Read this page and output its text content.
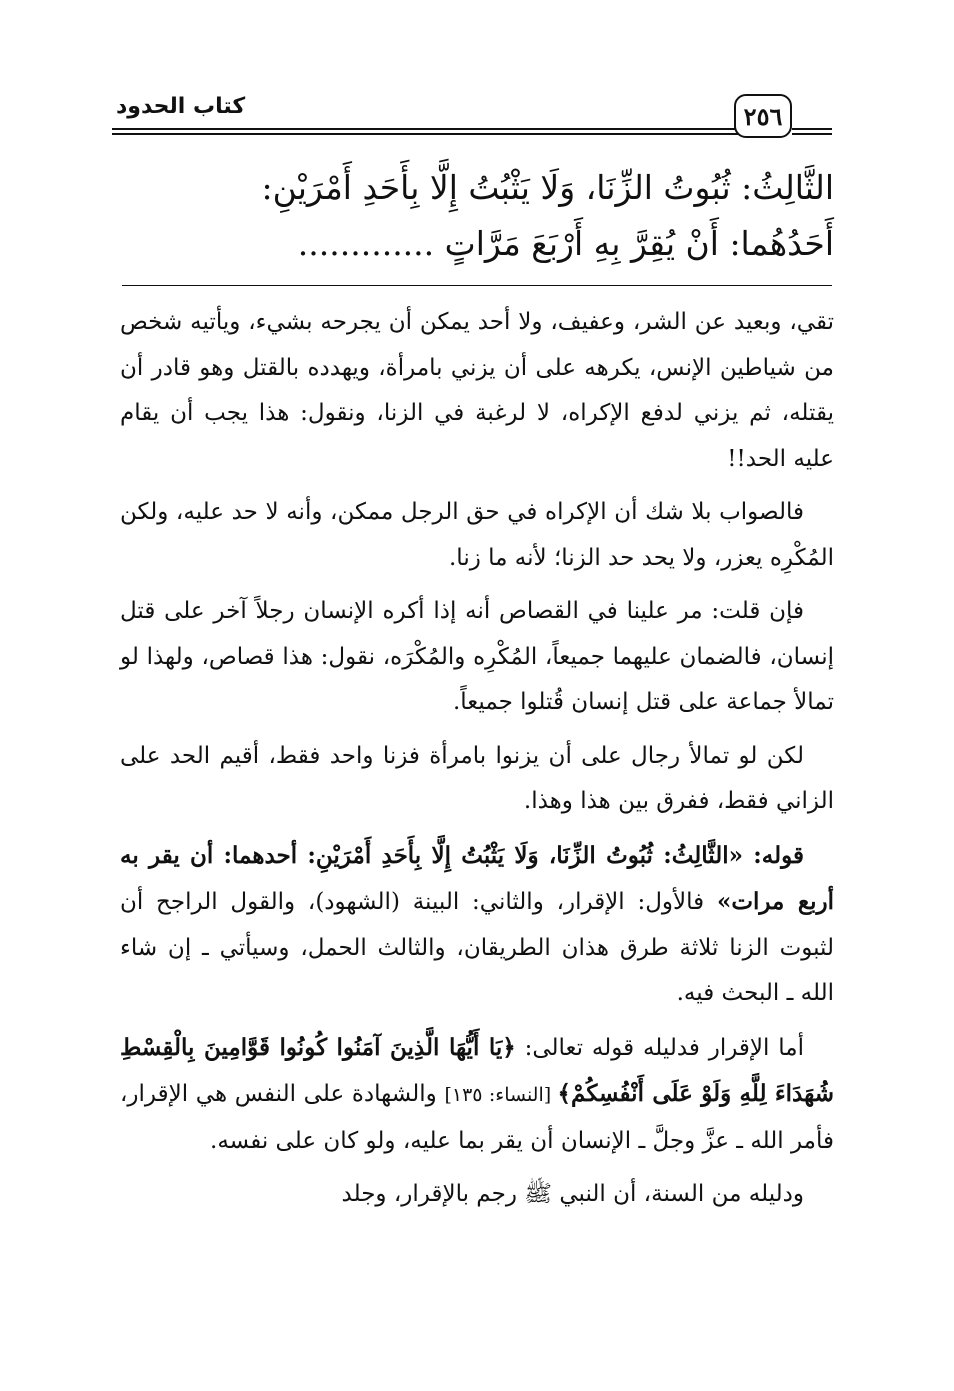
٢٥٦
كتاب الحدود
الثَّالِثُ: ثُبُوتُ الزِّنَا، وَلَا يَثْبُتُ إِلَّا بِأَحَدِ أَمْرَيْنِ:
أَحَدُهُما: أَنْ يُقِرَّ بِهِ أَرْبَعَ مَرَّاتٍ .............

تقي، وبعيد عن الشر، وعفيف، ولا أحد يمكن أن يجرحه بشيء، ويأتيه شخص من شياطين الإنس، يكرهه على أن يزني بامرأة، ويهدده بالقتل وهو قادر أن يقتله، ثم يزني لدفع الإكراه، لا لرغبة في الزنا، ونقول: هذا يجب أن يقام عليه الحد!!

فالصواب بلا شك أن الإكراه في حق الرجل ممكن، وأنه لا حد عليه، ولكن المُكْرِه يعزر، ولا يحد حد الزنا؛ لأنه ما زنا.

فإن قلت: مر علينا في القصاص أنه إذا أكره الإنسان رجلاً آخر على قتل إنسان، فالضمان عليهما جميعاً، المُكْرِه والمُكْرَه، نقول: هذا قصاص، ولهذا لو تمالأ جماعة على قتل إنسان قُتلوا جميعاً.

لكن لو تمالأ رجال على أن يزنوا بامرأة فزنا واحد فقط، أقيم الحد على الزاني فقط، ففرق بين هذا وهذا.

قوله: «الثَّالِثُ: ثُبُوتُ الزِّنَا، وَلَا يَثْبُتُ إِلَّا بِأَحَدِ أَمْرَيْنِ: أحدهما: أن يقر به أربع مرات» فالأول: الإقرار، والثاني: البينة (الشهود)، والقول الراجح أن لثبوت الزنا ثلاثة طرق هذان الطريقان، والثالث الحمل، وسيأتي ـ إن شاء الله ـ البحث فيه.

أما الإقرار فدليله قوله تعالى: ﴿يَا أَيُّهَا الَّذِينَ آمَنُوا كُونُوا قَوَّامِينَ بِالْقِسْطِ شُهَدَاءَ لِلَّهِ وَلَوْ عَلَى أَنْفُسِكُمْ﴾ [النساء: ١٣٥] والشهادة على النفس هي الإقرار، فأمر الله ـ عزَّ وجلَّ ـ الإنسان أن يقر بما عليه، ولو كان على نفسه.

ودليله من السنة، أن النبي ﷺ رجم بالإقرار، وجلد
